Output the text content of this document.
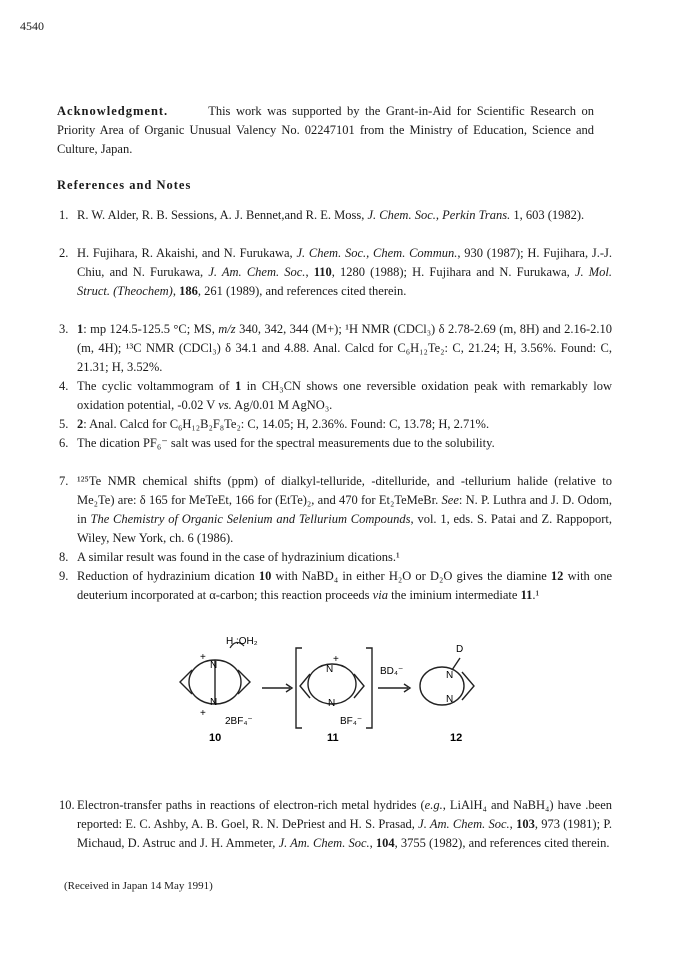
4540
Acknowledgment.	This work was supported by the Grant-in-Aid for Scientific Research on Priority Area of Organic Unusual Valency No. 02247101 from the Ministry of Education, Science and Culture, Japan.
References and Notes
1. R. W. Alder, R. B. Sessions, A. J. Bennet,and R. E. Moss, J. Chem. Soc., Perkin Trans. 1, 603 (1982).
2. H. Fujihara, R. Akaishi, and N. Furukawa, J. Chem. Soc., Chem. Commun., 930 (1987); H. Fujihara, J.-J. Chiu, and N. Furukawa, J. Am. Chem. Soc., 110, 1280 (1988); H. Fujihara and N. Furukawa, J. Mol. Struct. (Theochem), 186, 261 (1989), and references cited therein.
3. 1: mp 124.5-125.5 °C; MS, m/z 340, 342, 344 (M+); ¹H NMR (CDCl₃) δ 2.78-2.69 (m, 8H) and 2.16-2.10 (m, 4H); ¹³C NMR (CDCl₃) δ 34.1 and 4.88. Anal. Calcd for C₆H₁₂Te₂: C, 21.24; H, 3.56%. Found: C, 21.31; H, 3.52%.
4. The cyclic voltammogram of 1 in CH₃CN shows one reversible oxidation peak with remarkably low oxidation potential, -0.02 V vs. Ag/0.01 M AgNO₃.
5. 2: Anal. Calcd for C₆H₁₂B₂F₈Te₂: C, 14.05; H, 2.36%. Found: C, 13.78; H, 2.71%.
6. The dication PF₆⁻ salt was used for the spectral measurements due to the solubility.
7. ¹²⁵Te NMR chemical shifts (ppm) of dialkyl-telluride, -ditelluride, and -tellurium halide (relative to Me₂Te) are: δ 165 for MeTeEt, 166 for (EtTe)₂, and 470 for Et₂TeMeBr. See: N. P. Luthra and J. D. Odom, in The Chemistry of Organic Selenium and Tellurium Compounds, vol. 1, eds. S. Patai and Z. Rappoport, Wiley, New York, ch. 6 (1986).
8. A similar result was found in the case of hydrazinium dications.¹
9. Reduction of hydrazinium dication 10 with NaBD₄ in either H₂O or D₂O gives the diamine 12 with one deuterium incorporated at α-carbon; this reaction proceeds via the iminium intermediate 11.¹
N
N
+
+
2BF₄⁻
10
H :OH₂
N
N
+
BF₄⁻
11
BD₄⁻
D
N
N
12
10. Electron-transfer paths in reactions of electron-rich metal hydrides (e.g., LiAlH₄ and NaBH₄) have .been reported: E. C. Ashby, A. B. Goel, R. N. DePriest and H. S. Prasad, J. Am. Chem. Soc., 103, 973 (1981); P. Michaud, D. Astruc and J. H. Ammeter, J. Am. Chem. Soc., 104, 3755 (1982), and references cited therein.
(Received in Japan 14 May 1991)
